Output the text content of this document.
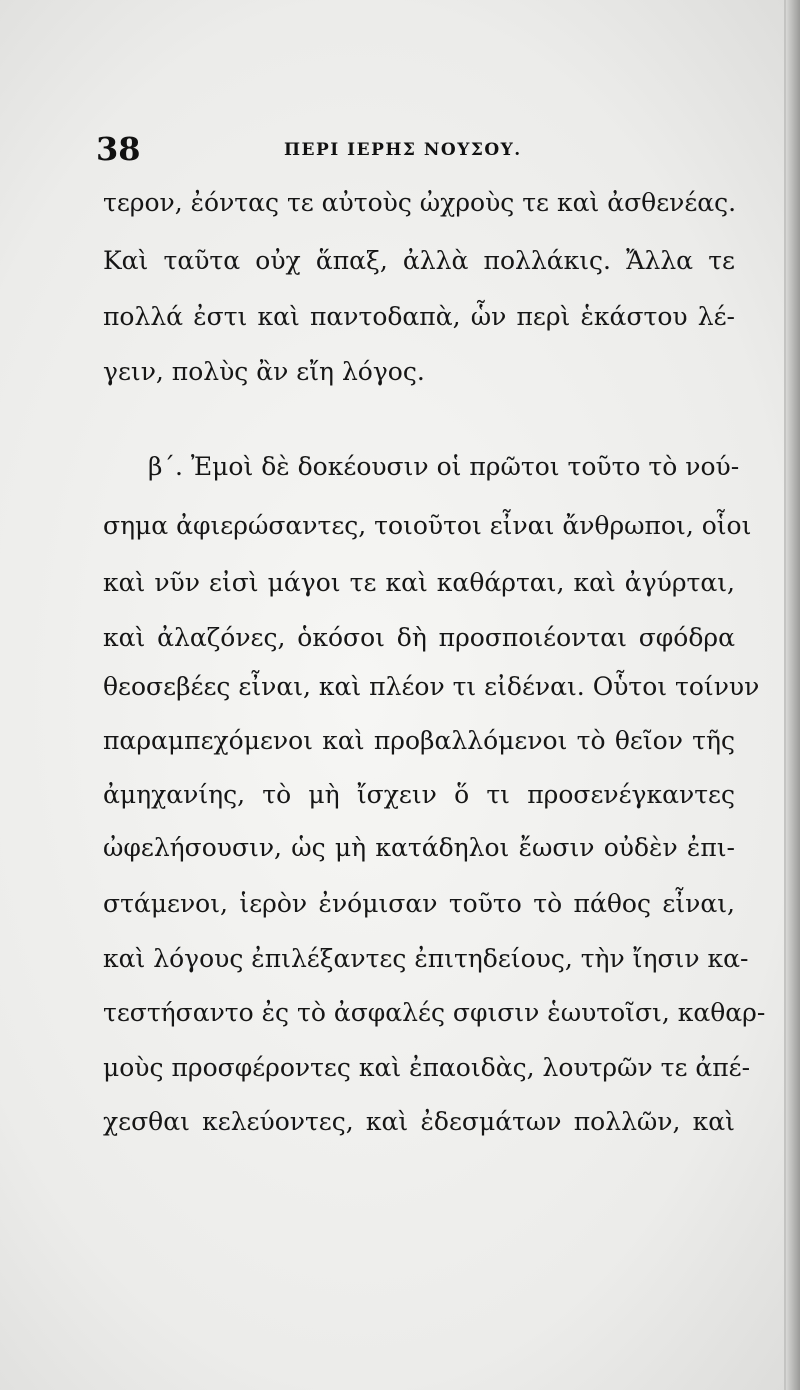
38	ΠΕΡΙ ΙΕΡΗΣ ΝΟΥΣΟΥ.
τερον, ἐόντας τε αὐτοὺς ὠχροὺς τε καὶ ἀσθενέας.
Καὶ ταῦτα οὐχ ἅπαξ, ἀλλὰ πολλάκις. Ἄλλα τε
πολλά ἐστι καὶ παντοδαπὰ, ὧν περὶ ἑκάστου λέ-
γειν, πολὺς ἂν εἴη λόγος.
β΄. Ἐμοὶ δὲ δοκέουσιν οἱ πρῶτοι τοῦτο τὸ νού-
σημα ἀφιερώσαντες, τοιοῦτοι εἶναι ἄνθρωποι, οἷοι
καὶ νῦν εἰσὶ μάγοι τε καὶ καθάρται, καὶ ἀγύρται,
καὶ ἀλαζόνες, ὁκόσοι δὴ προσποιέονται σφόδρα
θεοσεβέες εἶναι, καὶ πλέον τι εἰδέναι. Οὗτοι τοίνυν
παραμπεχόμενοι καὶ προβαλλόμενοι τὸ θεῖον τῆς
ἀμηχανίης, τὸ μὴ ἴσχειν ὅ τι προσενέγκαντες
ὠφελήσουσιν, ὡς μὴ κατάδηλοι ἔωσιν οὐδὲν ἐπι-
στάμενοι, ἱερὸν ἐνόμισαν τοῦτο τὸ πάθος εἶναι,
καὶ λόγους ἐπιλέξαντες ἐπιτηδείους, τὴν ἴησιν κα-
τεστήσαντο ἐς τὸ ἀσφαλές σφισιν ἑωυτοῖσι, καθαρ-
μοὺς προσφέροντες καὶ ἐπαοιδὰς, λουτρῶν τε ἀπέ-
χεσθαι κελεύοντες, καὶ ἐδεσμάτων πολλῶν, καὶ
